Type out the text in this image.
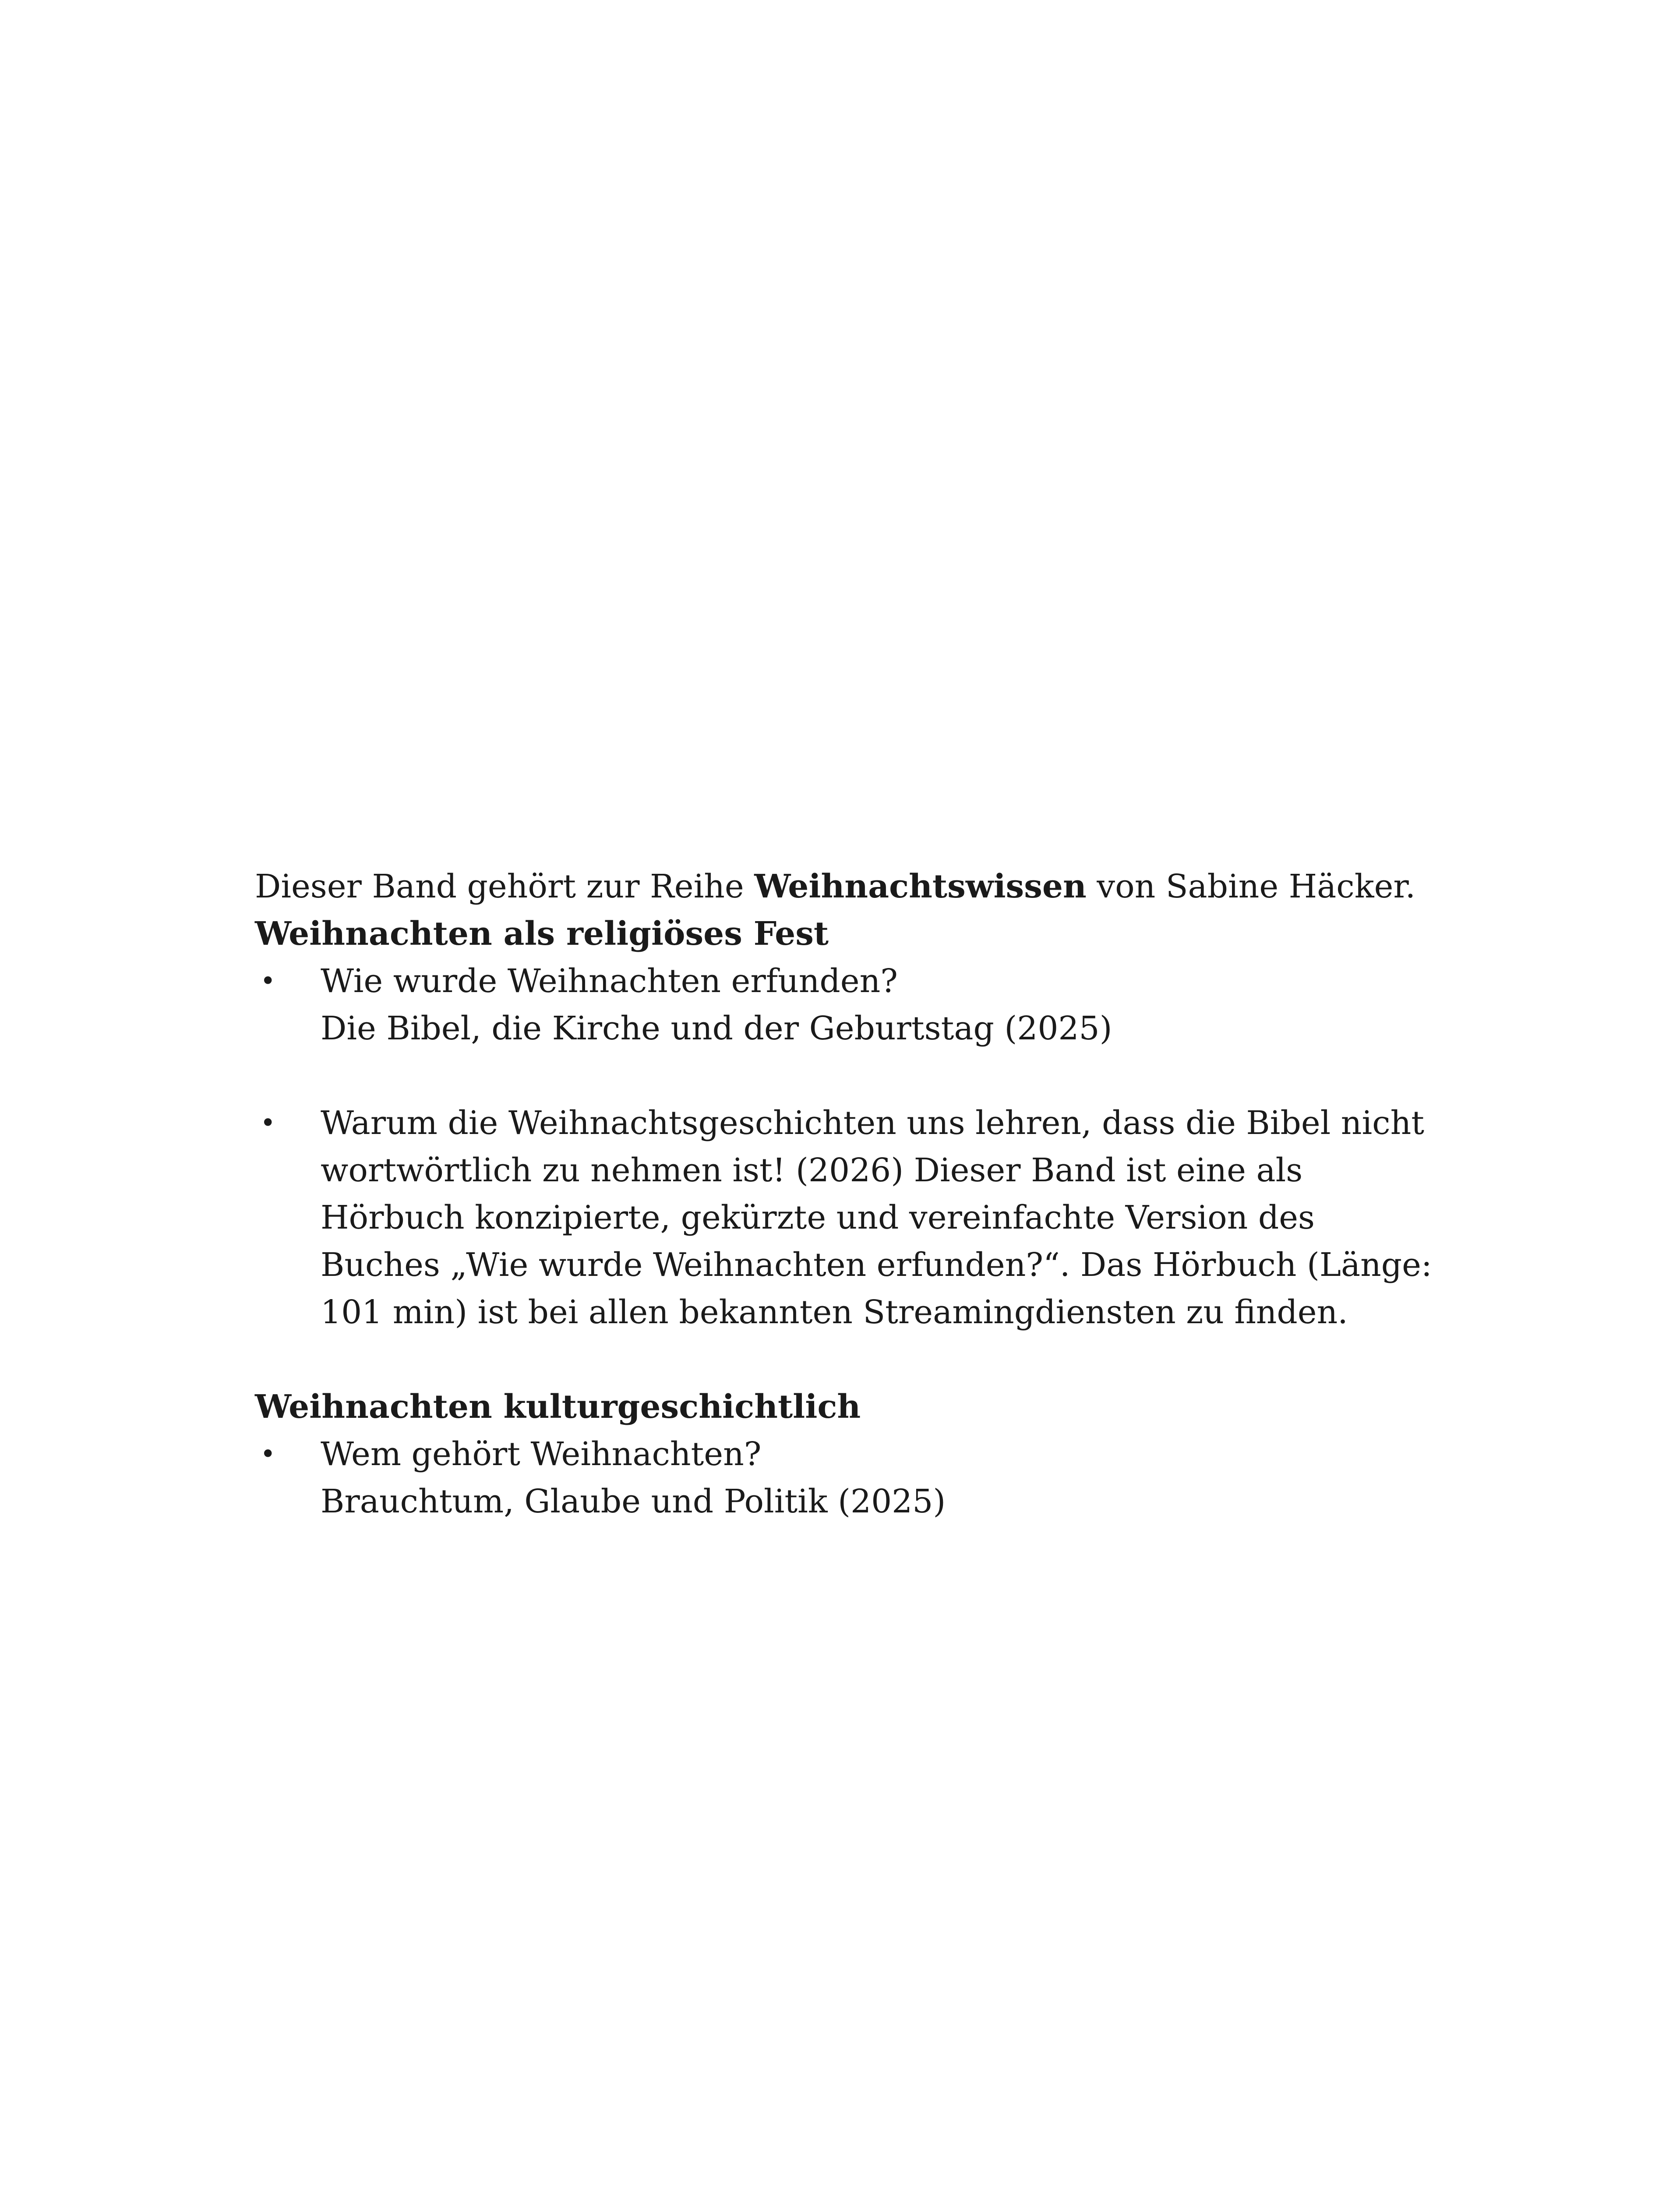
Dieser Band gehört zur Reihe Weihnachtswissen von Sabine Häcker.

Weihnachten als religiöses Fest
• Wie wurde Weihnachten erfunden?
Die Bibel, die Kirche und der Geburtstag (2025)
• Warum die Weihnachtsgeschichten uns lehren, dass die Bibel nicht wortwörtlich zu nehmen ist! (2026) Dieser Band ist eine als Hörbuch konzipierte, gekürzte und vereinfachte Version des Buches „Wie wurde Weihnachten erfunden?“. Das Hörbuch (Länge: 101 min) ist bei allen bekannten Streamingdiensten zu finden.
Weihnachten kulturgeschichtlich
• Wem gehört Weihnachten?
Brauchtum, Glaube und Politik (2025)
